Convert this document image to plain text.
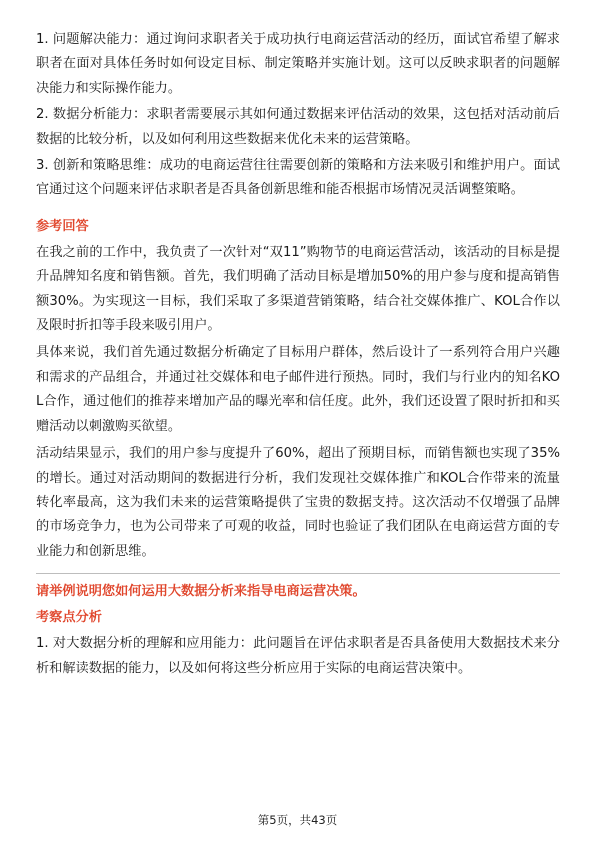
1. 问题解决能力：通过询问求职者关于成功执行电商运营活动的经历，面试官希望了解求职者在面对具体任务时如何设定目标、制定策略并实施计划。这可以反映求职者的问题解决能力和实际操作能力。

2. 数据分析能力：求职者需要展示其如何通过数据来评估活动的效果，这包括对活动前后数据的比较分析，以及如何利用这些数据来优化未来的运营策略。

3. 创新和策略思维：成功的电商运营往往需要创新的策略和方法来吸引和维护用户。面试官通过这个问题来评估求职者是否具备创新思维和能否根据市场情况灵活调整策略。

参考回答

在我之前的工作中，我负责了一次针对“双11”购物节的电商运营活动，该活动的目标是提升品牌知名度和销售额。首先，我们明确了活动目标是增加50%的用户参与度和提高销售额30%。为实现这一目标，我们采取了多渠道营销策略，结合社交媒体推广、KOL合作以及限时折扣等手段来吸引用户。

具体来说，我们首先通过数据分析确定了目标用户群体，然后设计了一系列符合用户兴趣和需求的产品组合，并通过社交媒体和电子邮件进行预热。同时，我们与行业内的知名KOL合作，通过他们的推荐来增加产品的曝光率和信任度。此外，我们还设置了限时折扣和买赠活动以刺激购买欲望。

活动结果显示，我们的用户参与度提升了60%，超出了预期目标，而销售额也实现了35%的增长。通过对活动期间的数据进行分析，我们发现社交媒体推广和KOL合作带来的流量转化率最高，这为我们未来的运营策略提供了宝贵的数据支持。这次活动不仅增强了品牌的市场竞争力，也为公司带来了可观的收益，同时也验证了我们团队在电商运营方面的专业能力和创新思维。

请举例说明您如何运用大数据分析来指导电商运营决策。

考察点分析

1. 对大数据分析的理解和应用能力：此问题旨在评估求职者是否具备使用大数据技术来分析和解读数据的能力，以及如何将这些分析应用于实际的电商运营决策中。

第5页，共43页
